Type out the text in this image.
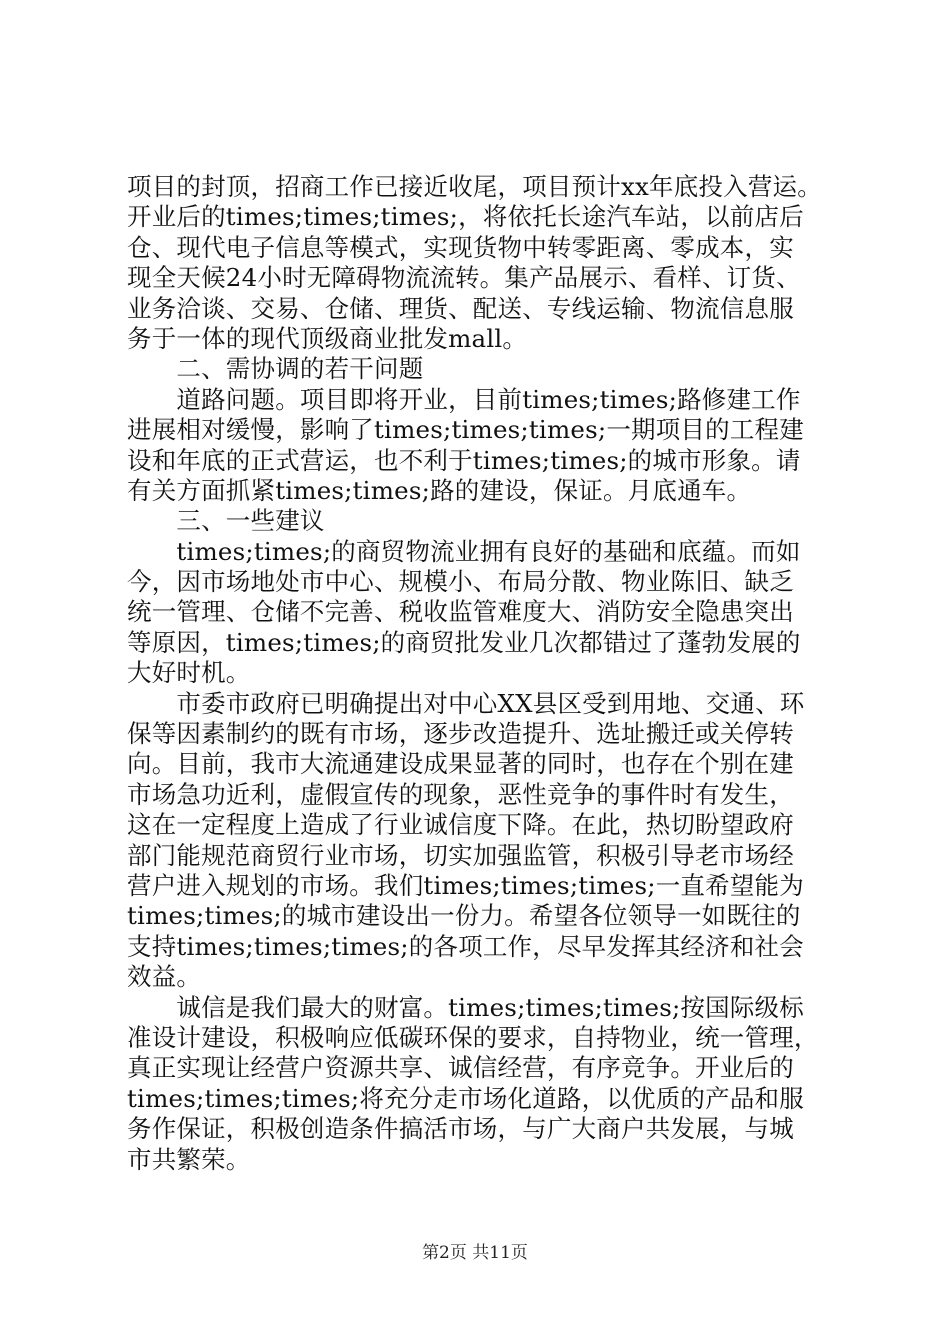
项目的封顶，招商工作已接近收尾，项目预计xx年底投入营运。
开业后的times;times;times;，将依托长途汽车站，以前店后
仓、现代电子信息等模式，实现货物中转零距离、零成本，实
现全天候24小时无障碍物流流转。集产品展示、看样、订货、
业务洽谈、交易、仓储、理货、配送、专线运输、物流信息服
务于一体的现代顶级商业批发mall。
　　二、需协调的若干问题
　　道路问题。项目即将开业，目前times;times;路修建工作
进展相对缓慢，影响了times;times;times;一期项目的工程建
设和年底的正式营运，也不利于times;times;的城市形象。请
有关方面抓紧times;times;路的建设，保证。月底通车。
　　三、一些建议
　　times;times;的商贸物流业拥有良好的基础和底蕴。而如
今，因市场地处市中心、规模小、布局分散、物业陈旧、缺乏
统一管理、仓储不完善、税收监管难度大、消防安全隐患突出
等原因，times;times;的商贸批发业几次都错过了蓬勃发展的
大好时机。
　　市委市政府已明确提出对中心XX县区受到用地、交通、环
保等因素制约的既有市场，逐步改造提升、选址搬迁或关停转
向。目前，我市大流通建设成果显著的同时，也存在个别在建
市场急功近利，虚假宣传的现象，恶性竞争的事件时有发生，
这在一定程度上造成了行业诚信度下降。在此，热切盼望政府
部门能规范商贸行业市场，切实加强监管，积极引导老市场经
营户进入规划的市场。我们times;times;times;一直希望能为
times;times;的城市建设出一份力。希望各位领导一如既往的
支持times;times;times;的各项工作，尽早发挥其经济和社会
效益。
　　诚信是我们最大的财富。times;times;times;按国际级标
准设计建设，积极响应低碳环保的要求，自持物业，统一管理，
真正实现让经营户资源共享、诚信经营，有序竞争。开业后的
times;times;times;将充分走市场化道路，以优质的产品和服
务作保证，积极创造条件搞活市场，与广大商户共发展，与城
市共繁荣。
第2页 共11页
